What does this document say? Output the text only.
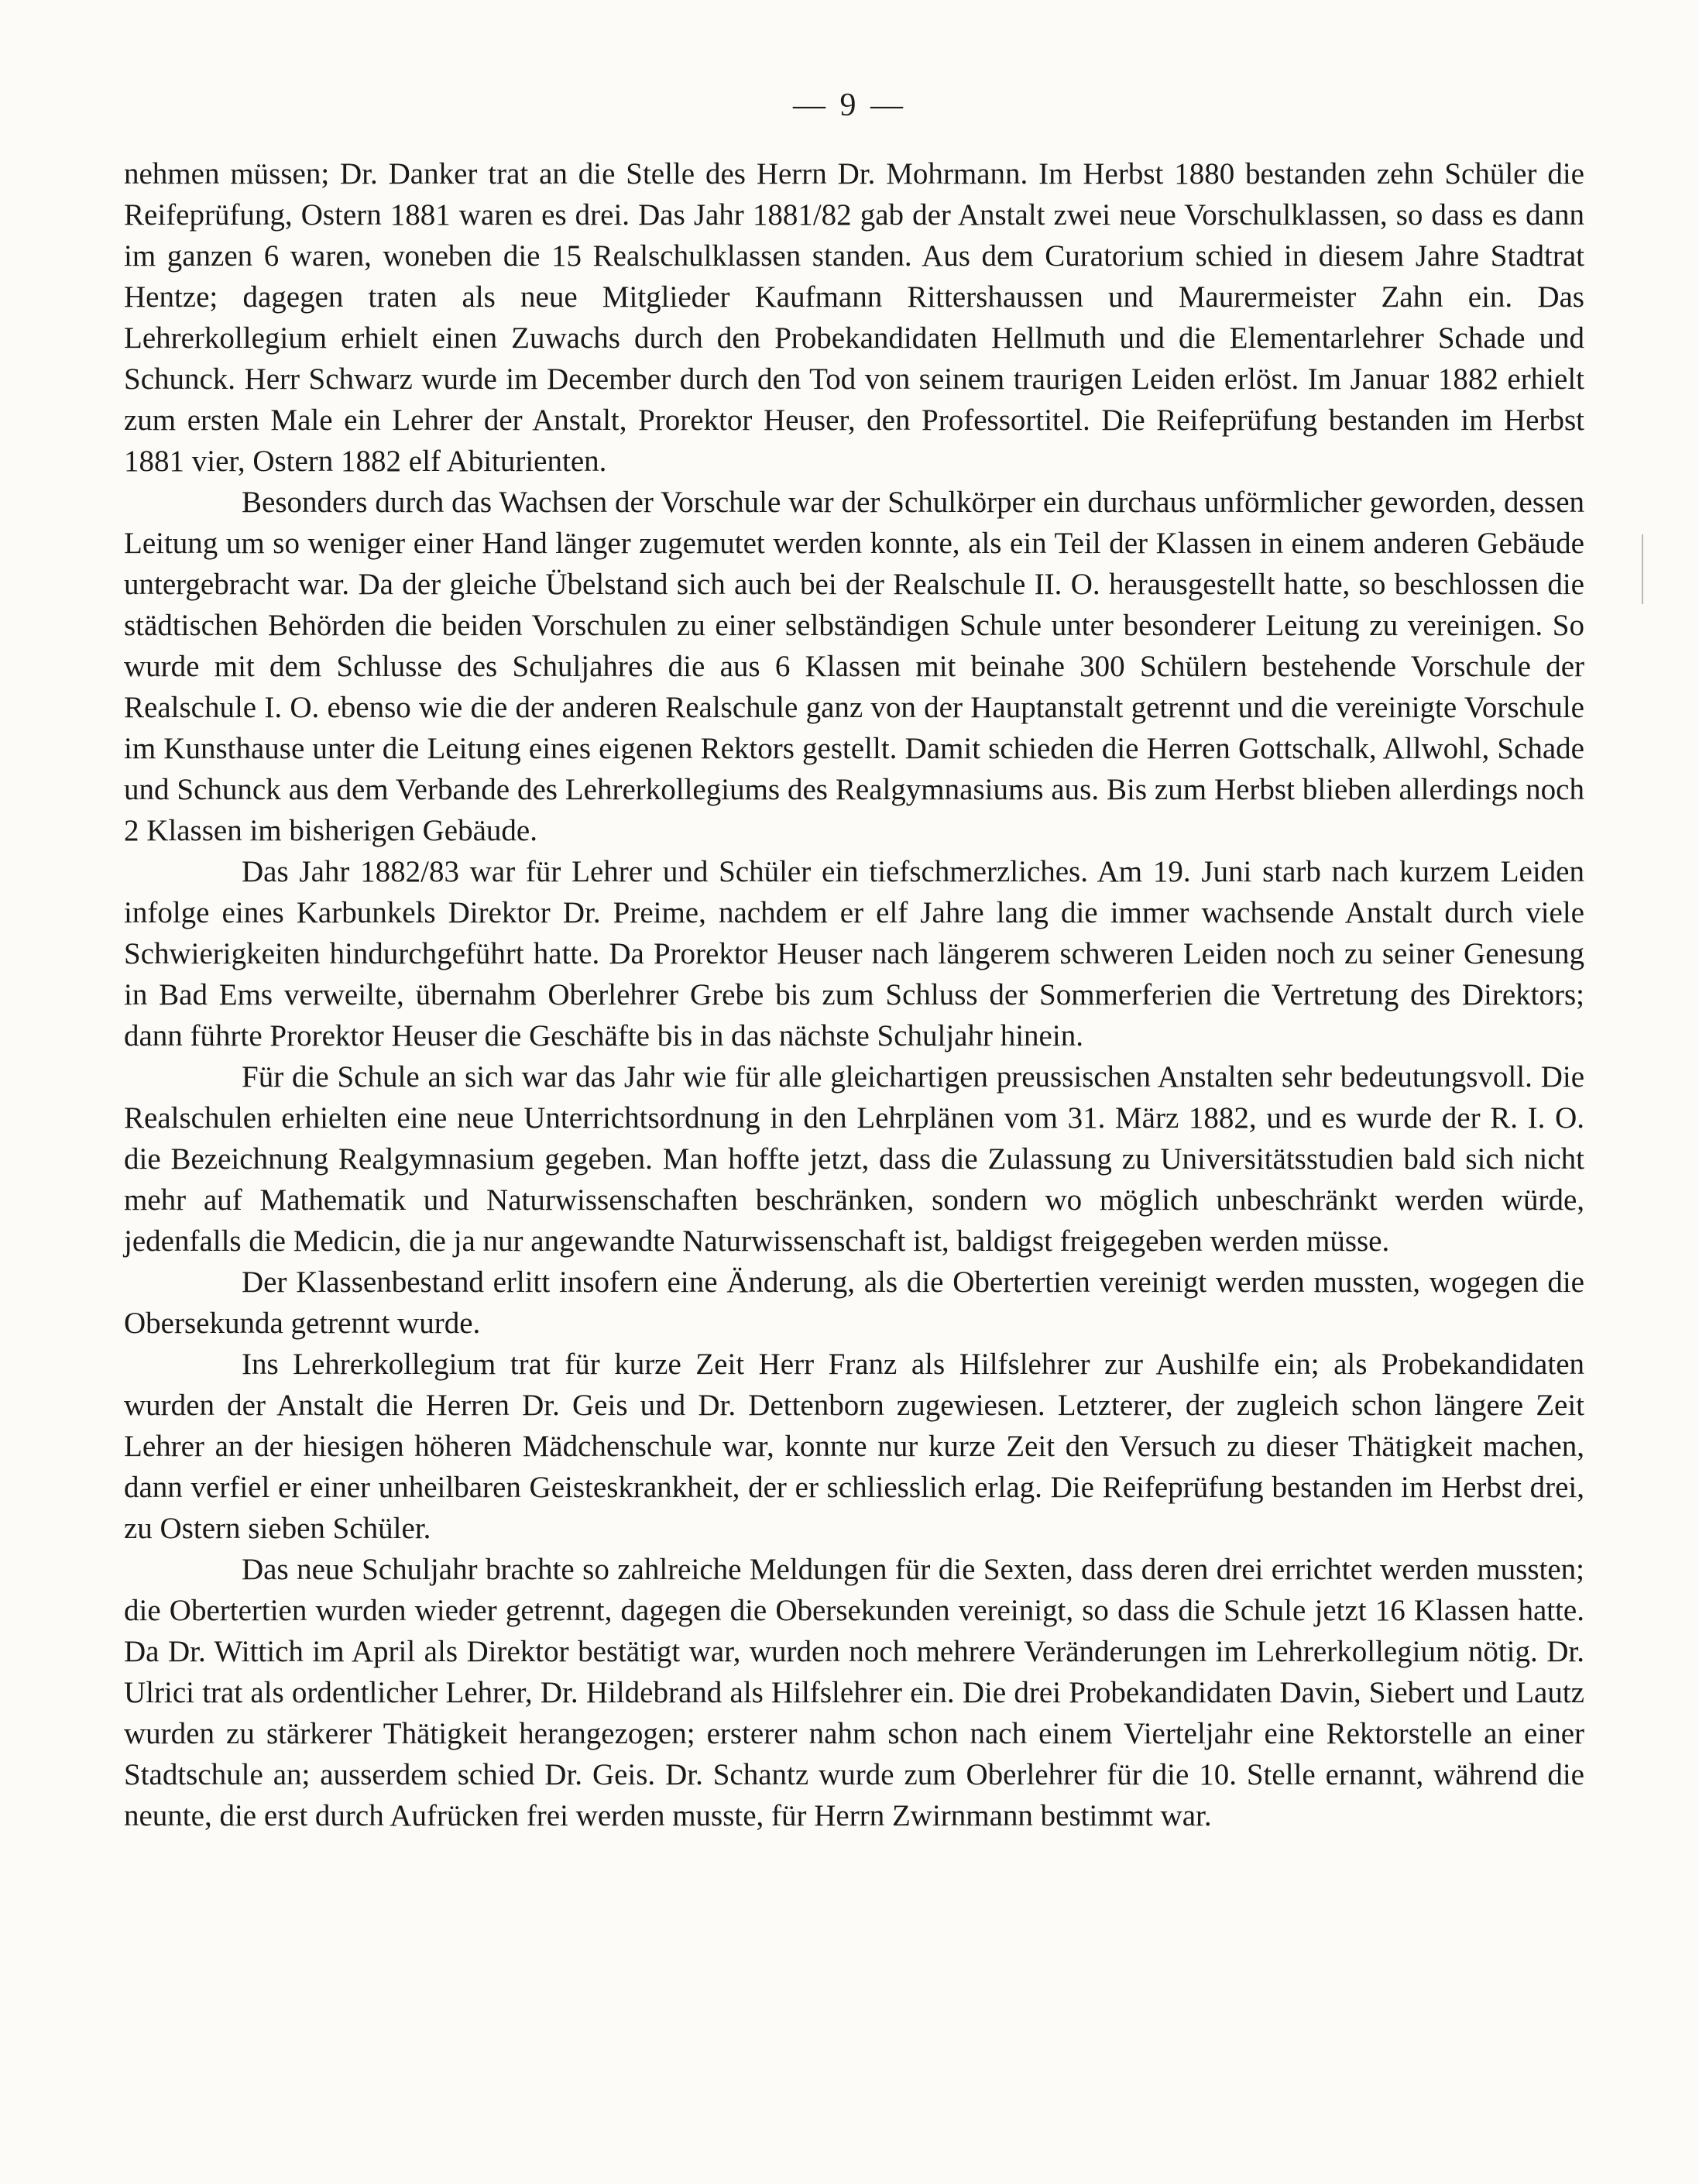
— 9 —

nehmen müssen; Dr. Danker trat an die Stelle des Herrn Dr. Mohrmann. Im Herbst 1880 bestanden zehn Schüler die Reifeprüfung, Ostern 1881 waren es drei. Das Jahr 1881/82 gab der Anstalt zwei neue Vorschulklassen, so dass es dann im ganzen 6 waren, woneben die 15 Realschulklassen standen. Aus dem Curatorium schied in diesem Jahre Stadtrat Hentze; dagegen traten als neue Mitglieder Kaufmann Rittershaussen und Maurermeister Zahn ein. Das Lehrerkollegium erhielt einen Zuwachs durch den Probekandidaten Hellmuth und die Elementarlehrer Schade und Schunck. Herr Schwarz wurde im December durch den Tod von seinem traurigen Leiden erlöst. Im Januar 1882 erhielt zum ersten Male ein Lehrer der Anstalt, Prorektor Heuser, den Professortitel. Die Reifeprüfung bestanden im Herbst 1881 vier, Ostern 1882 elf Abiturienten.

Besonders durch das Wachsen der Vorschule war der Schulkörper ein durchaus unförmlicher geworden, dessen Leitung um so weniger einer Hand länger zugemutet werden konnte, als ein Teil der Klassen in einem anderen Gebäude untergebracht war. Da der gleiche Übelstand sich auch bei der Realschule II. O. herausgestellt hatte, so beschlossen die städtischen Behörden die beiden Vorschulen zu einer selbständigen Schule unter besonderer Leitung zu vereinigen. So wurde mit dem Schlusse des Schuljahres die aus 6 Klassen mit beinahe 300 Schülern bestehende Vorschule der Realschule I. O. ebenso wie die der anderen Realschule ganz von der Hauptanstalt getrennt und die vereinigte Vorschule im Kunsthause unter die Leitung eines eigenen Rektors gestellt. Damit schieden die Herren Gottschalk, Allwohl, Schade und Schunck aus dem Verbande des Lehrerkollegiums des Realgymnasiums aus. Bis zum Herbst blieben allerdings noch 2 Klassen im bisherigen Gebäude.

Das Jahr 1882/83 war für Lehrer und Schüler ein tiefschmerzliches. Am 19. Juni starb nach kurzem Leiden infolge eines Karbunkels Direktor Dr. Preime, nachdem er elf Jahre lang die immer wachsende Anstalt durch viele Schwierigkeiten hindurchgeführt hatte. Da Prorektor Heuser nach längerem schweren Leiden noch zu seiner Genesung in Bad Ems verweilte, übernahm Oberlehrer Grebe bis zum Schluss der Sommerferien die Vertretung des Direktors; dann führte Prorektor Heuser die Geschäfte bis in das nächste Schuljahr hinein.

Für die Schule an sich war das Jahr wie für alle gleichartigen preussischen Anstalten sehr bedeutungsvoll. Die Realschulen erhielten eine neue Unterrichtsordnung in den Lehrplänen vom 31. März 1882, und es wurde der R. I. O. die Bezeichnung Realgymnasium gegeben. Man hoffte jetzt, dass die Zulassung zu Universitätsstudien bald sich nicht mehr auf Mathematik und Naturwissenschaften beschränken, sondern wo möglich unbeschränkt werden würde, jedenfalls die Medicin, die ja nur angewandte Naturwissenschaft ist, baldigst freigegeben werden müsse.

Der Klassenbestand erlitt insofern eine Änderung, als die Obertertien vereinigt werden mussten, wogegen die Obersekunda getrennt wurde.

Ins Lehrerkollegium trat für kurze Zeit Herr Franz als Hilfslehrer zur Aushilfe ein; als Probekandidaten wurden der Anstalt die Herren Dr. Geis und Dr. Dettenborn zugewiesen. Letzterer, der zugleich schon längere Zeit Lehrer an der hiesigen höheren Mädchenschule war, konnte nur kurze Zeit den Versuch zu dieser Thätigkeit machen, dann verfiel er einer unheilbaren Geisteskrankheit, der er schliesslich erlag. Die Reifeprüfung bestanden im Herbst drei, zu Ostern sieben Schüler.

Das neue Schuljahr brachte so zahlreiche Meldungen für die Sexten, dass deren drei errichtet werden mussten; die Obertertien wurden wieder getrennt, dagegen die Obersekunden vereinigt, so dass die Schule jetzt 16 Klassen hatte. Da Dr. Wittich im April als Direktor bestätigt war, wurden noch mehrere Veränderungen im Lehrerkollegium nötig. Dr. Ulrici trat als ordentlicher Lehrer, Dr. Hildebrand als Hilfslehrer ein. Die drei Probekandidaten Davin, Siebert und Lautz wurden zu stärkerer Thätigkeit herangezogen; ersterer nahm schon nach einem Vierteljahr eine Rektorstelle an einer Stadtschule an; ausserdem schied Dr. Geis. Dr. Schantz wurde zum Oberlehrer für die 10. Stelle ernannt, während die neunte, die erst durch Aufrücken frei werden musste, für Herrn Zwirnmann bestimmt war.
